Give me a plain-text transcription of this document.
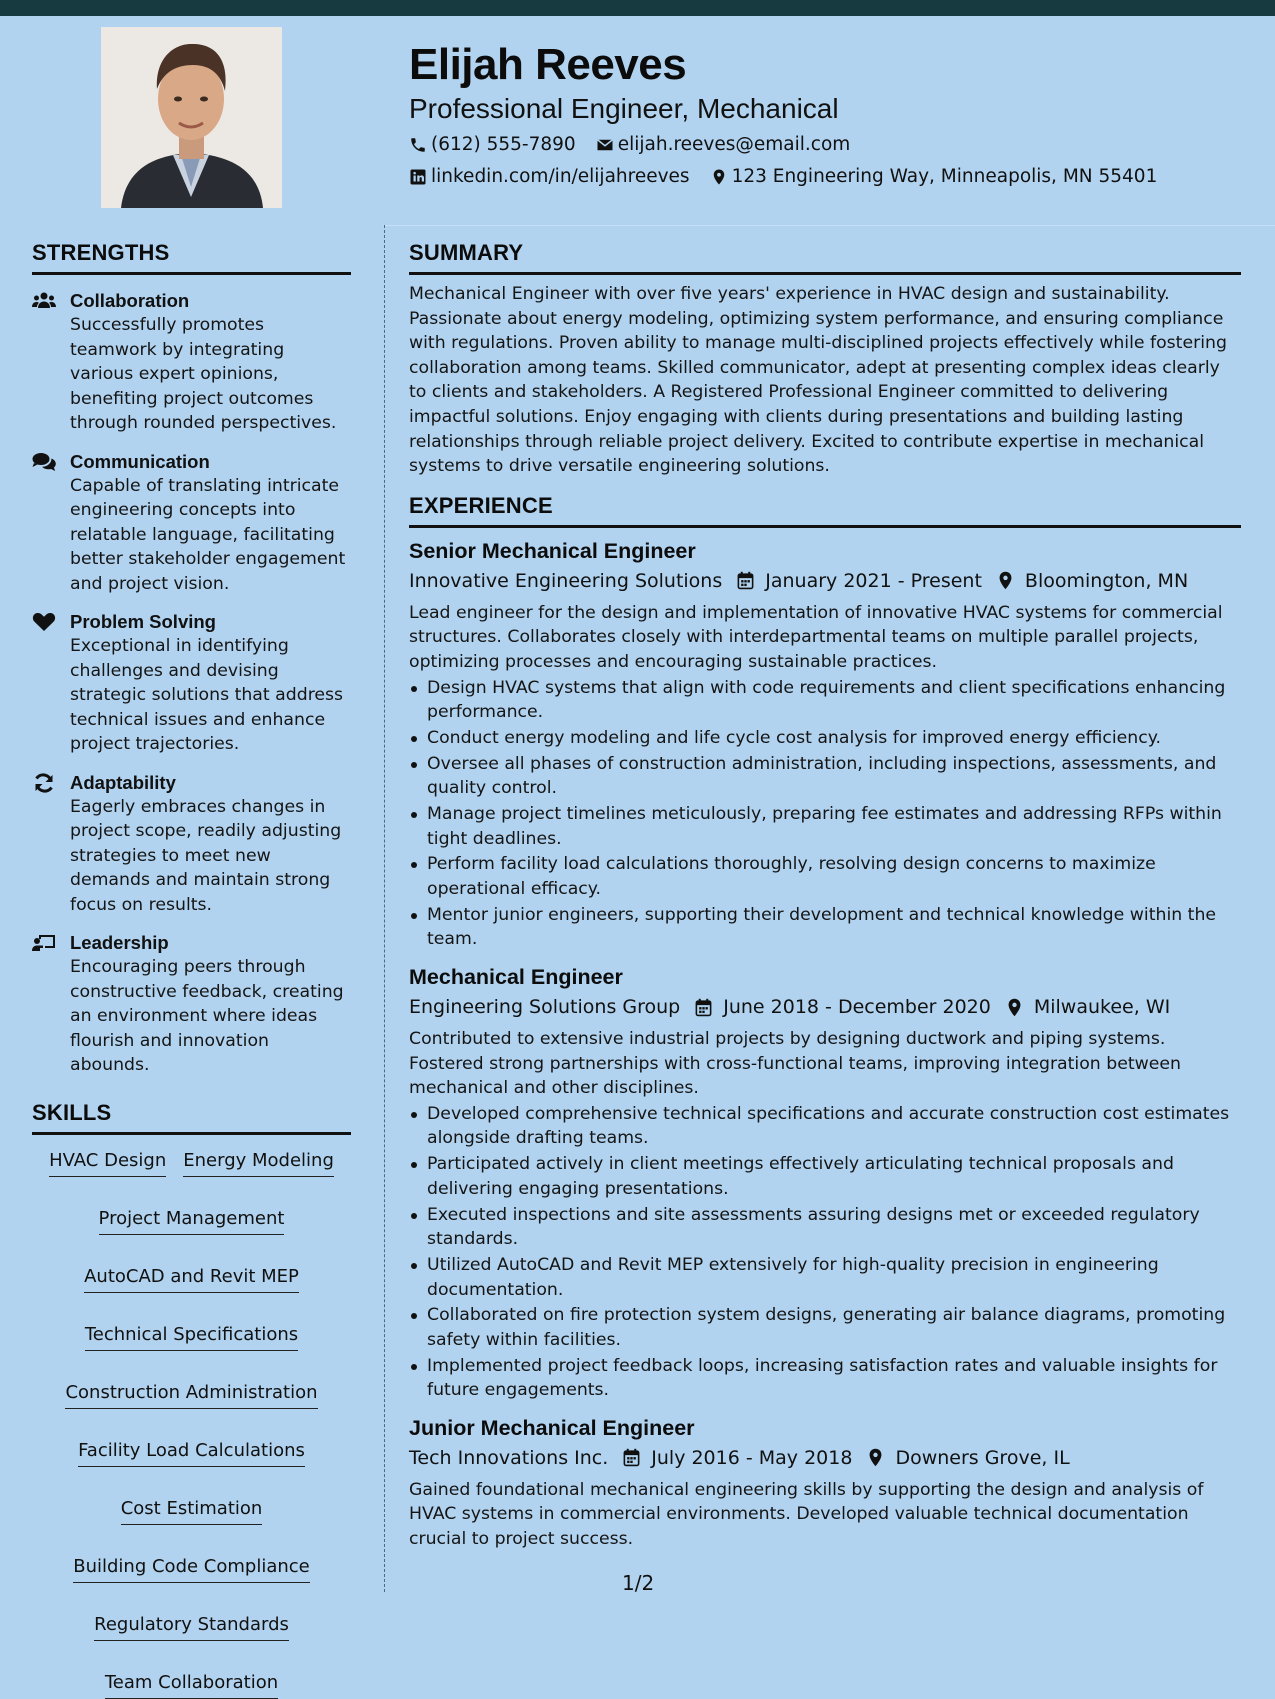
Elijah Reeves
Professional Engineer, Mechanical
(612) 555-7890 elijah.reeves@email.com
linkedin.com/in/elijahreeves 123 Engineering Way, Minneapolis, MN 55401
STRENGTHS
Collaboration
Successfully promotes teamwork by integrating various expert opinions, benefiting project outcomes through rounded perspectives.
Communication
Capable of translating intricate engineering concepts into relatable language, facilitating better stakeholder engagement and project vision.
Problem Solving
Exceptional in identifying challenges and devising strategic solutions that address technical issues and enhance project trajectories.
Adaptability
Eagerly embraces changes in project scope, readily adjusting strategies to meet new demands and maintain strong focus on results.
Leadership
Encouraging peers through constructive feedback, creating an environment where ideas flourish and innovation abounds.
SKILLS
HVAC Design Energy Modeling
Project Management
AutoCAD and Revit MEP
Technical Specifications
Construction Administration
Facility Load Calculations
Cost Estimation
Building Code Compliance
Regulatory Standards
Team Collaboration
SUMMARY
Mechanical Engineer with over five years' experience in HVAC design and sustainability. Passionate about energy modeling, optimizing system performance, and ensuring compliance with regulations. Proven ability to manage multi-disciplined projects effectively while fostering collaboration among teams. Skilled communicator, adept at presenting complex ideas clearly to clients and stakeholders. A Registered Professional Engineer committed to delivering impactful solutions. Enjoy engaging with clients during presentations and building lasting relationships through reliable project delivery. Excited to contribute expertise in mechanical systems to drive versatile engineering solutions.
EXPERIENCE
Senior Mechanical Engineer
Innovative Engineering Solutions January 2021 - Present Bloomington, MN
Lead engineer for the design and implementation of innovative HVAC systems for commercial structures. Collaborates closely with interdepartmental teams on multiple parallel projects, optimizing processes and encouraging sustainable practices.
Design HVAC systems that align with code requirements and client specifications enhancing performance.
Conduct energy modeling and life cycle cost analysis for improved energy efficiency.
Oversee all phases of construction administration, including inspections, assessments, and quality control.
Manage project timelines meticulously, preparing fee estimates and addressing RFPs within tight deadlines.
Perform facility load calculations thoroughly, resolving design concerns to maximize operational efficacy.
Mentor junior engineers, supporting their development and technical knowledge within the team.
Mechanical Engineer
Engineering Solutions Group June 2018 - December 2020 Milwaukee, WI
Contributed to extensive industrial projects by designing ductwork and piping systems. Fostered strong partnerships with cross-functional teams, improving integration between mechanical and other disciplines.
Developed comprehensive technical specifications and accurate construction cost estimates alongside drafting teams.
Participated actively in client meetings effectively articulating technical proposals and delivering engaging presentations.
Executed inspections and site assessments assuring designs met or exceeded regulatory standards.
Utilized AutoCAD and Revit MEP extensively for high-quality precision in engineering documentation.
Collaborated on fire protection system designs, generating air balance diagrams, promoting safety within facilities.
Implemented project feedback loops, increasing satisfaction rates and valuable insights for future engagements.
Junior Mechanical Engineer
Tech Innovations Inc. July 2016 - May 2018 Downers Grove, IL
Gained foundational mechanical engineering skills by supporting the design and analysis of HVAC systems in commercial environments. Developed valuable technical documentation crucial to project success.
1/2
